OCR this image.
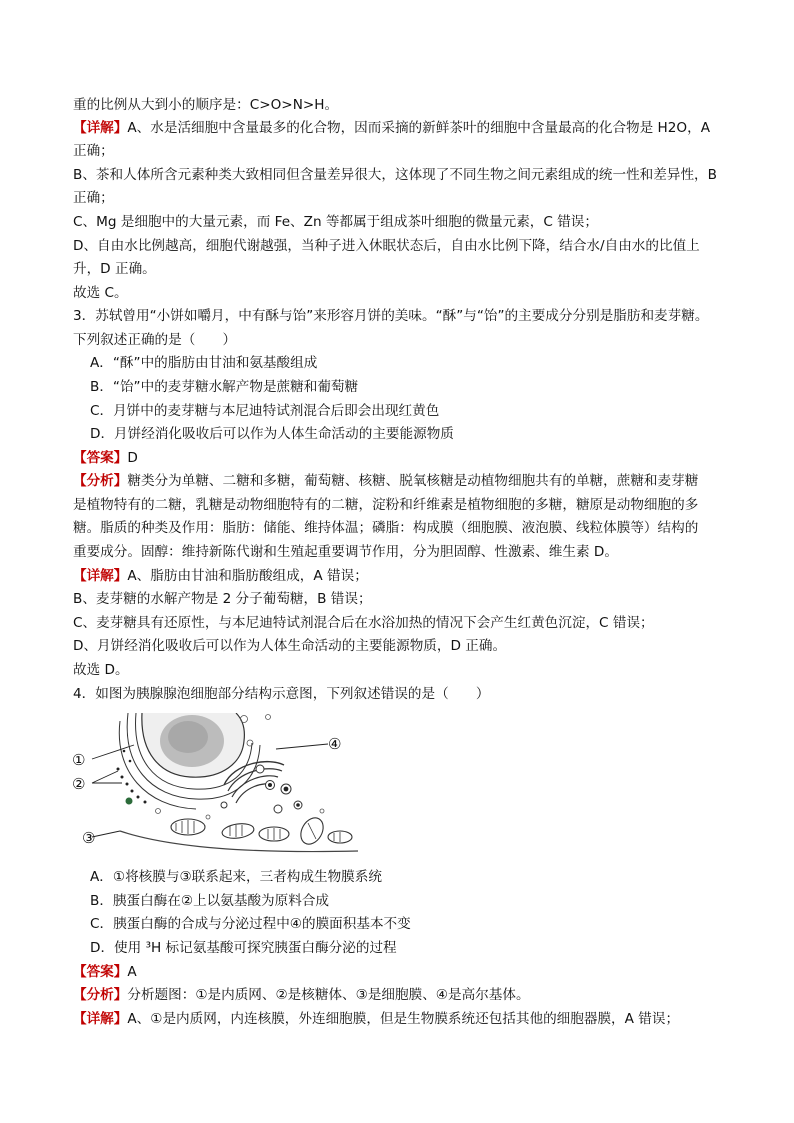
重的比例从大到小的顺序是：C>O>N>H。
【详解】A、水是活细胞中含量最多的化合物，因而采摘的新鲜茶叶的细胞中含量最高的化合物是 H2O，A
正确；
B、茶和人体所含元素种类大致相同但含量差异很大，这体现了不同生物之间元素组成的统一性和差异性，B
正确；
C、Mg 是细胞中的大量元素，而 Fe、Zn 等都属于组成茶叶细胞的微量元素，C 错误；
D、自由水比例越高，细胞代谢越强，当种子进入休眠状态后，自由水比例下降，结合水/自由水的比值上
升，D 正确。
故选 C。
3．苏轼曾用“小饼如嚼月，中有酥与饴”来形容月饼的美味。“酥”与“饴”的主要成分分别是脂肪和麦芽糖。
下列叙述正确的是（　　）
A．“酥”中的脂肪由甘油和氨基酸组成
B．“饴”中的麦芽糖水解产物是蔗糖和葡萄糖
C．月饼中的麦芽糖与本尼迪特试剂混合后即会出现红黄色
D．月饼经消化吸收后可以作为人体生命活动的主要能源物质
【答案】D
【分析】糖类分为单糖、二糖和多糖，葡萄糖、核糖、脱氧核糖是动植物细胞共有的单糖，蔗糖和麦芽糖
是植物特有的二糖，乳糖是动物细胞特有的二糖，淀粉和纤维素是植物细胞的多糖，糖原是动物细胞的多
糖。脂质的种类及作用：脂肪：储能、维持体温；磷脂：构成膜（细胞膜、液泡膜、线粒体膜等）结构的
重要成分。固醇：维持新陈代谢和生殖起重要调节作用，分为胆固醇、性激素、维生素 D。
【详解】A、脂肪由甘油和脂肪酸组成，A 错误；
B、麦芽糖的水解产物是 2 分子葡萄糖，B 错误；
C、麦芽糖具有还原性，与本尼迪特试剂混合后在水浴加热的情况下会产生红黄色沉淀，C 错误；
D、月饼经消化吸收后可以作为人体生命活动的主要能源物质，D 正确。
故选 D。
4．如图为胰腺腺泡细胞部分结构示意图，下列叙述错误的是（　　）
①
②
③
④
A．①将核膜与③联系起来，三者构成生物膜系统
B．胰蛋白酶在②上以氨基酸为原料合成
C．胰蛋白酶的合成与分泌过程中④的膜面积基本不变
D．使用 ³H 标记氨基酸可探究胰蛋白酶分泌的过程
【答案】A
【分析】分析题图：①是内质网、②是核糖体、③是细胞膜、④是高尔基体。
【详解】A、①是内质网，内连核膜，外连细胞膜，但是生物膜系统还包括其他的细胞器膜，A 错误；
